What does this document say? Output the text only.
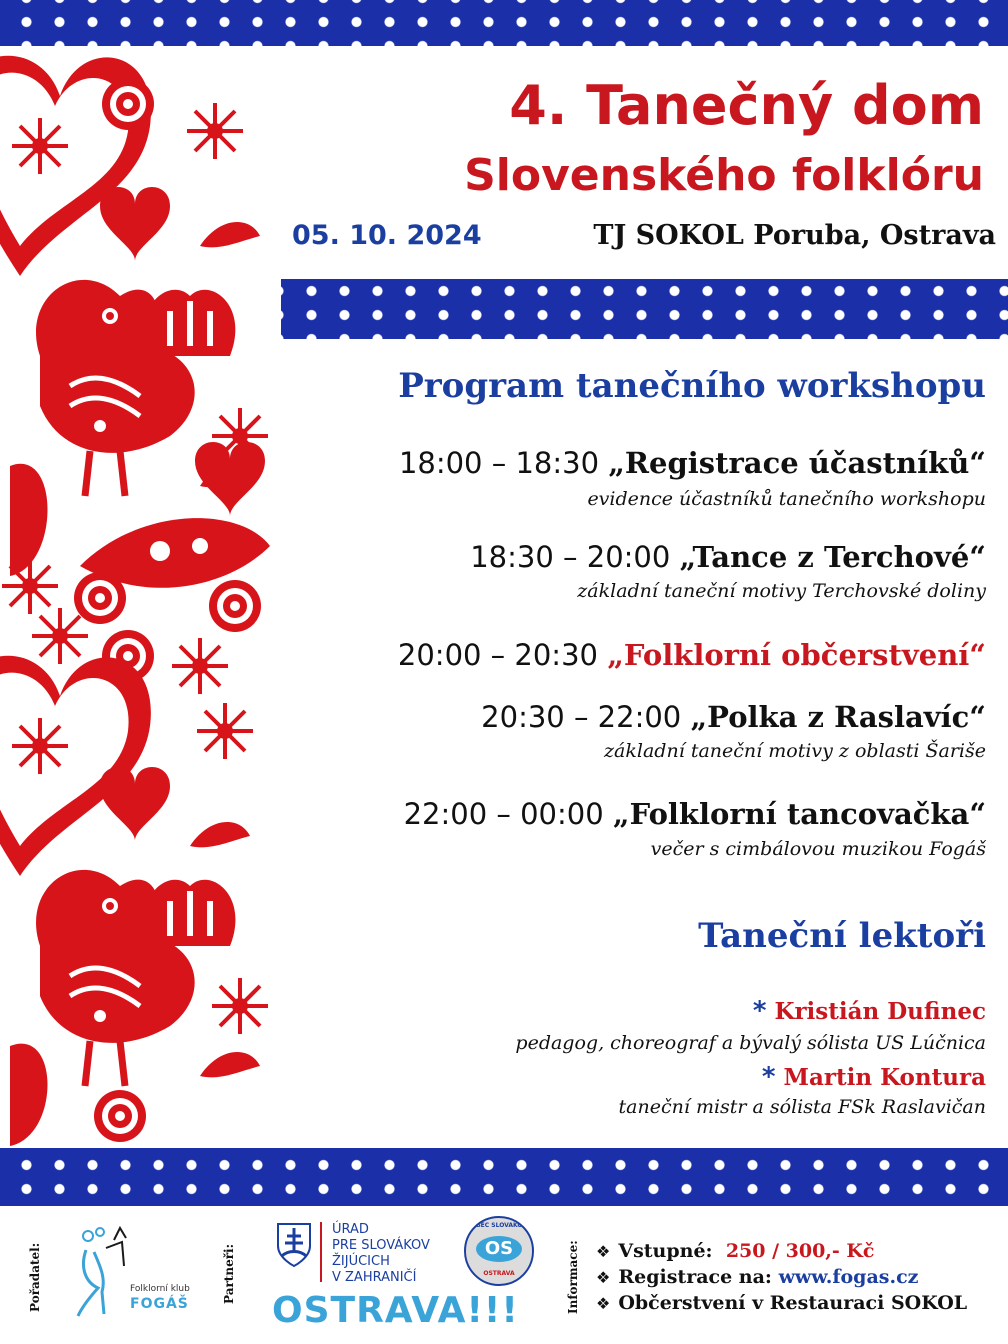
4. Tanečný dom
Slovenského folklóru
05. 10. 2024	TJ SOKOL Poruba, Ostrava
Program tanečního workshopu
18:00 – 18:30 „Registrace účastníků“
evidence účastníků tanečního workshopu
18:30 – 20:00 „Tance z Terchové“
základní taneční motivy Terchovské doliny
20:00 – 20:30 „Folklorní občerstvení“
20:30 – 22:00 „Polka z Raslavíc“
základní taneční motivy z oblasti Šariše
22:00 – 00:00 „Folklorní tancovačka“
večer s cimbálovou muzikou Fogáš
Taneční lektoři
* Kristián Dufinec
pedagog, choreograf a bývalý sólista US Lúčnica
* Martin Kontura
taneční mistr a sólista FSk Raslavičan
Pořadatel:	Folklorní klub
FOGÁŠ	Partneři:
ÚRAD
PRE SLOVÁKOV
ŽIJÚCICH
V ZAHRANIČÍ
OBEC SLOVAKOV
OS
OSTRAVA
OSTRAVA!!!	Informace: ❖ Vstupné: 250 / 300,- Kč
❖ Registrace na: www.fogas.cz
❖ Občerstvení v Restauraci SOKOL
